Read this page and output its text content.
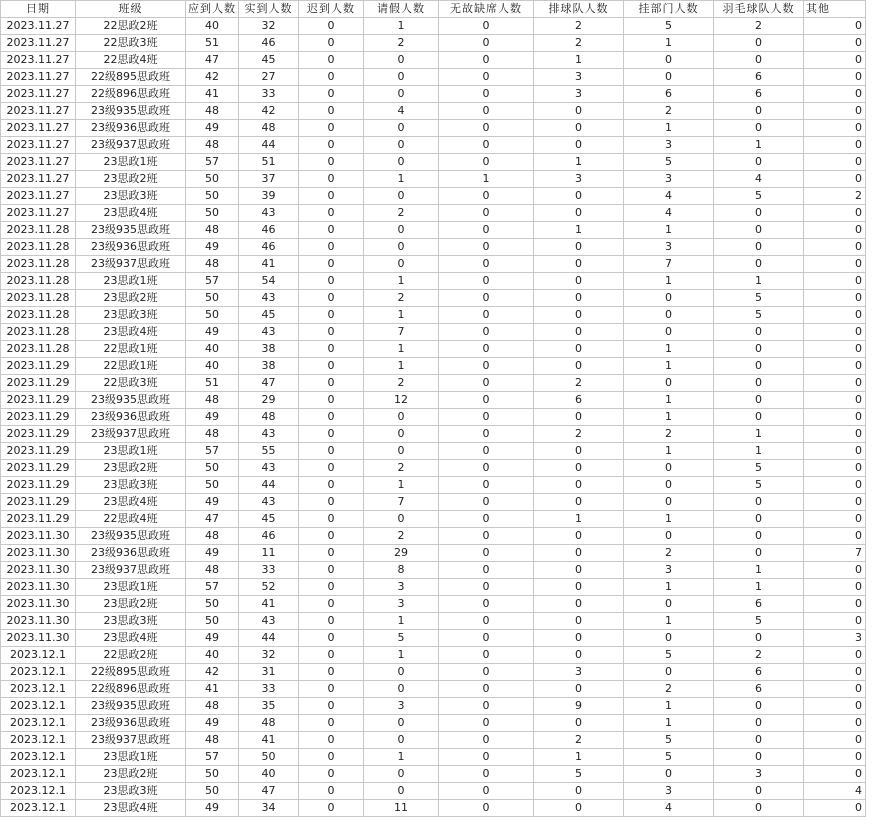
日期	班级	应到人数	实到人数	迟到人数	请假人数	无故缺席人数	排球队人数	挂部门人数	羽毛球队人数	其他
2023.11.27	22思政2班	40	32	0	1	0	2	5	2	0
2023.11.27	22思政3班	51	46	0	2	0	2	1	0	0
2023.11.27	22思政4班	47	45	0	0	0	1	0	0	0
2023.11.27	22级895思政班	42	27	0	0	0	3	0	6	0
2023.11.27	22级896思政班	41	33	0	0	0	3	6	6	0
2023.11.27	23级935思政班	48	42	0	4	0	0	2	0	0
2023.11.27	23级936思政班	49	48	0	0	0	0	1	0	0
2023.11.27	23级937思政班	48	44	0	0	0	0	3	1	0
2023.11.27	23思政1班	57	51	0	0	0	1	5	0	0
2023.11.27	23思政2班	50	37	0	1	1	3	3	4	0
2023.11.27	23思政3班	50	39	0	0	0	0	4	5	2
2023.11.27	23思政4班	50	43	0	2	0	0	4	0	0
2023.11.28	23级935思政班	48	46	0	0	0	1	1	0	0
2023.11.28	23级936思政班	49	46	0	0	0	0	3	0	0
2023.11.28	23级937思政班	48	41	0	0	0	0	7	0	0
2023.11.28	23思政1班	57	54	0	1	0	0	1	1	0
2023.11.28	23思政2班	50	43	0	2	0	0	0	5	0
2023.11.28	23思政3班	50	45	0	1	0	0	0	5	0
2023.11.28	23思政4班	49	43	0	7	0	0	0	0	0
2023.11.28	22思政1班	40	38	0	1	0	0	1	0	0
2023.11.29	22思政1班	40	38	0	1	0	0	1	0	0
2023.11.29	22思政3班	51	47	0	2	0	2	0	0	0
2023.11.29	23级935思政班	48	29	0	12	0	6	1	0	0
2023.11.29	23级936思政班	49	48	0	0	0	0	1	0	0
2023.11.29	23级937思政班	48	43	0	0	0	2	2	1	0
2023.11.29	23思政1班	57	55	0	0	0	0	1	1	0
2023.11.29	23思政2班	50	43	0	2	0	0	0	5	0
2023.11.29	23思政3班	50	44	0	1	0	0	0	5	0
2023.11.29	23思政4班	49	43	0	7	0	0	0	0	0
2023.11.29	22思政4班	47	45	0	0	0	1	1	0	0
2023.11.30	23级935思政班	48	46	0	2	0	0	0	0	0
2023.11.30	23级936思政班	49	11	0	29	0	0	2	0	7
2023.11.30	23级937思政班	48	33	0	8	0	0	3	1	0
2023.11.30	23思政1班	57	52	0	3	0	0	1	1	0
2023.11.30	23思政2班	50	41	0	3	0	0	0	6	0
2023.11.30	23思政3班	50	43	0	1	0	0	1	5	0
2023.11.30	23思政4班	49	44	0	5	0	0	0	0	3
2023.12.1	22思政2班	40	32	0	1	0	0	5	2	0
2023.12.1	22级895思政班	42	31	0	0	0	3	0	6	0
2023.12.1	22级896思政班	41	33	0	0	0	0	2	6	0
2023.12.1	23级935思政班	48	35	0	3	0	9	1	0	0
2023.12.1	23级936思政班	49	48	0	0	0	0	1	0	0
2023.12.1	23级937思政班	48	41	0	0	0	2	5	0	0
2023.12.1	23思政1班	57	50	0	1	0	1	5	0	0
2023.12.1	23思政2班	50	40	0	0	0	5	0	3	0
2023.12.1	23思政3班	50	47	0	0	0	0	3	0	4
2023.12.1	23思政4班	49	34	0	11	0	0	4	0	0
